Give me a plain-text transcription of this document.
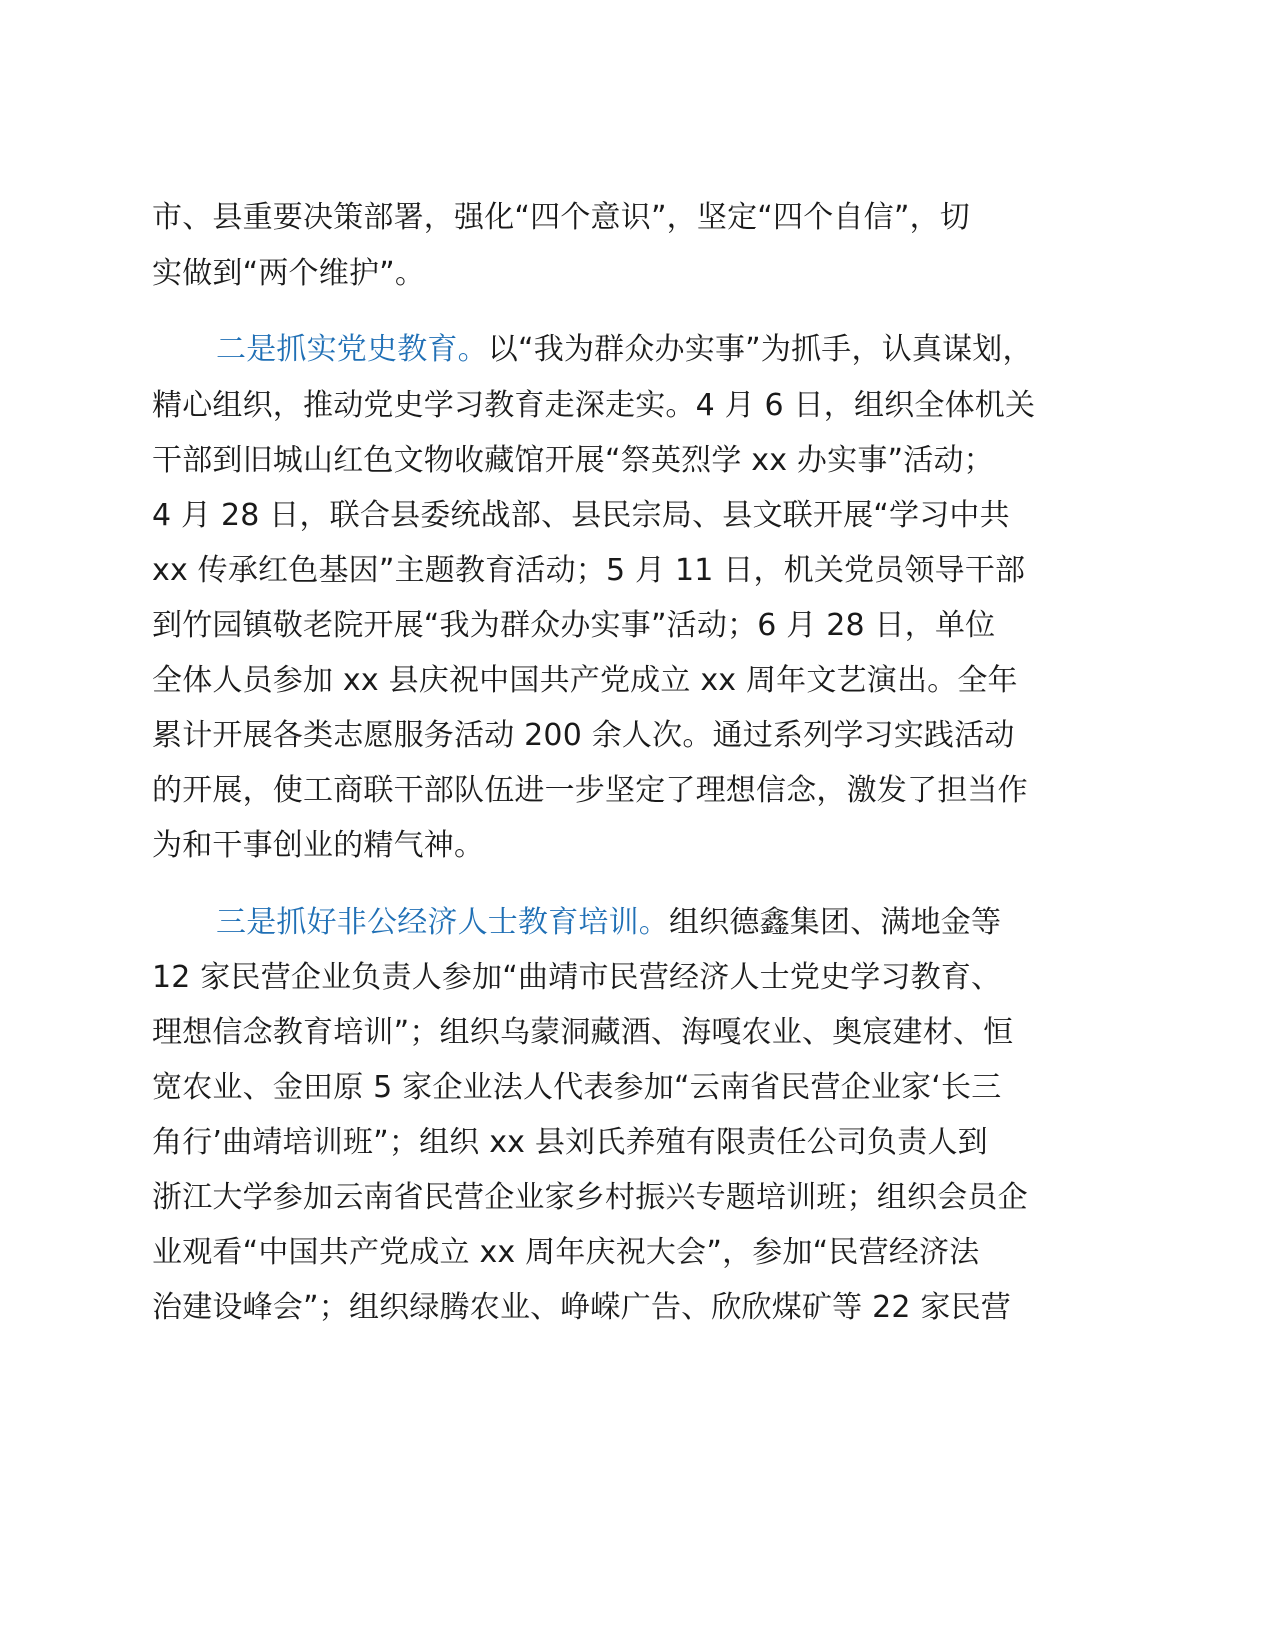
市、县重要决策部署，强化“四个意识”，坚定“四个自信”，切
实做到“两个维护”。
二是抓实党史教育。以“我为群众办实事”为抓手，认真谋划，
精心组织，推动党史学习教育走深走实。4 月 6 日，组织全体机关
干部到旧城山红色文物收藏馆开展“祭英烈学 xx 办实事”活动；
4 月 28 日，联合县委统战部、县民宗局、县文联开展“学习中共
xx 传承红色基因”主题教育活动；5 月 11 日，机关党员领导干部
到竹园镇敬老院开展“我为群众办实事”活动；6 月 28 日，单位
全体人员参加 xx 县庆祝中国共产党成立 xx 周年文艺演出。全年
累计开展各类志愿服务活动 200 余人次。通过系列学习实践活动
的开展，使工商联干部队伍进一步坚定了理想信念，激发了担当作
为和干事创业的精气神。
三是抓好非公经济人士教育培训。组织德鑫集团、满地金等
12 家民营企业负责人参加“曲靖市民营经济人士党史学习教育、
理想信念教育培训”；组织乌蒙洞藏酒、海嘎农业、奥宸建材、恒
宽农业、金田原 5 家企业法人代表参加“云南省民营企业家‘长三
角行’曲靖培训班”；组织 xx 县刘氏养殖有限责任公司负责人到
浙江大学参加云南省民营企业家乡村振兴专题培训班；组织会员企
业观看“中国共产党成立 xx 周年庆祝大会”，参加“民营经济法
治建设峰会”；组织绿腾农业、峥嵘广告、欣欣煤矿等 22 家民营
